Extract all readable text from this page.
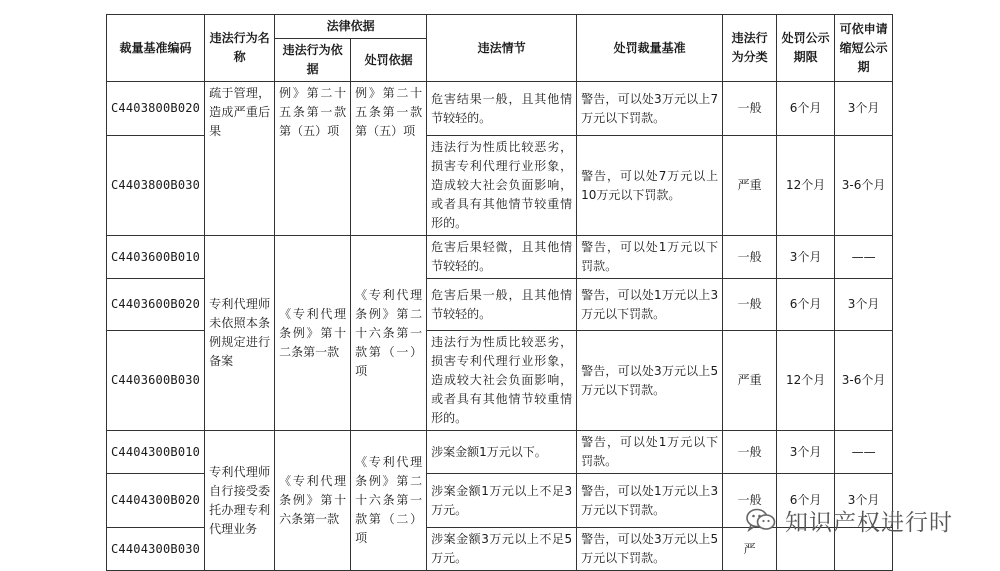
裁量基准编码	违法行为名称	法律依据		违法情节	处罚裁量基准	违法行为分类	处罚公示期限	可依申请缩短公示期
		违法行为依据	处罚依据					
C4403800B020	疏于管理，造成严重后果	例》第二十五条第一款第（五）项	例》第二十五条第一款第（五）项	危害结果一般，且其他情节较轻的。	警告，可以处3万元以上7万元以下罚款。	一般	6个月	3个月
C4403800B030				违法行为性质比较恶劣，损害专利代理行业形象，造成较大社会负面影响，或者具有其他情节较重情形的。	警告，可以处7万元以上10万元以下罚款。	严重	12个月	3-6个月
C4403600B010	专利代理师未依照本条例规定进行备案	《专利代理条例》第十二条第一款	《专利代理条例》第二十六条第一款第（一）项	危害后果轻微，且其他情节较轻的。	警告，可以处1万元以下罚款。	一般	3个月	——
C4403600B020				危害后果一般，且其他情节较轻的。	警告，可以处1万元以上3万元以下罚款。	一般	6个月	3个月
C4403600B030				违法行为性质比较恶劣，损害专利代理行业形象，造成较大社会负面影响，或者具有其他情节较重情形的。	警告，可以处3万元以上5万元以下罚款。	严重	12个月	3-6个月
C4404300B010	专利代理师自行接受委托办理专利代理业务	《专利代理条例》第十六条第一款	《专利代理条例》第二十六条第一款第（二）项	涉案金额1万元以下。	警告，可以处1万元以下罚款。	一般	3个月	——
C4404300B020				涉案金额1万元以上不足3万元。	警告，可以处1万元以上3万元以下罚款。	一般	6个月	3个月
C4404300B030				涉案金额3万元以上不足5万元。	警告，可以处3万元以上5万元以下罚款。	严		
知识产权进行时
